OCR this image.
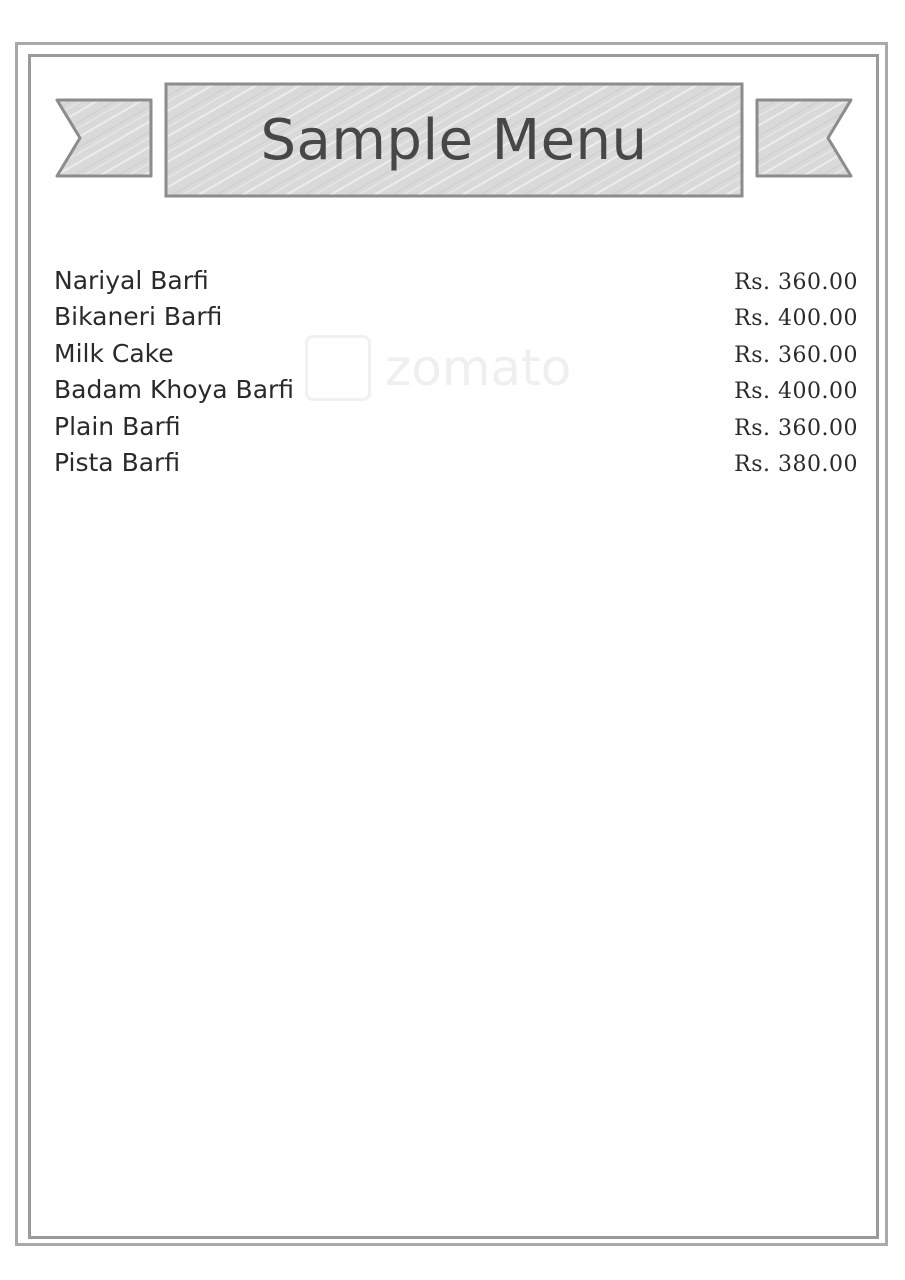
Sample Menu
zomato
Nariyal Barfi	Rs. 360.00
Bikaneri Barfi	Rs. 400.00
Milk Cake	Rs. 360.00
Badam Khoya Barfi	Rs. 400.00
Plain Barfi	Rs. 360.00
Pista Barfi	Rs. 380.00
